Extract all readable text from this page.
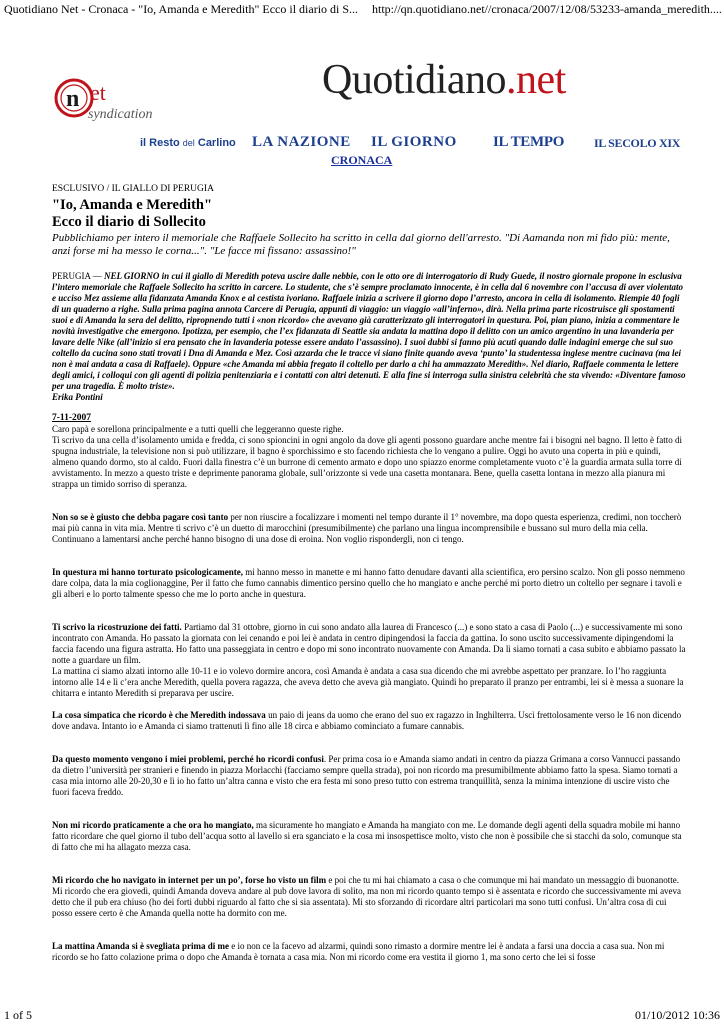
Quotidiano Net - Cronaca - "Io, Amanda e Meredith" Ecco il diario di S... http://qn.quotidiano.net//cronaca/2007/12/08/53233-amanda_meredith....
n et
syndication
Quotidiano.net
il Resto del Carlino LA NAZIONE IL GIORNO IL TEMPO IL SECOLO XIX
CRONACA
ESCLUSIVO / IL GIALLO DI PERUGIA
"Io, Amanda e Meredith"
Ecco il diario di Sollecito
Pubblichiamo per intero il memoriale che Raffaele Sollecito ha scritto in cella dal giorno dell'arresto. "Di Aamanda non mi fido più: mente, anzi forse mi ha messo le corna...". "Le facce mi fissano: assassino!"
PERUGIA — NEL GIORNO in cui il giallo di Meredith poteva uscire dalle nebbie, con le otto ore di interrogatorio di Rudy Guede, il nostro giornale propone in esclusiva l’intero memoriale che Raffaele Sollecito ha scritto in carcere. Lo studente, che s’è sempre proclamato innocente, è in cella dal 6 novembre con l’accusa di aver violentato e ucciso Mez assieme alla fidanzata Amanda Knox e al cestista ivoriano. Raffaele inizia a scrivere il giorno dopo l’arresto, ancora in cella di isolamento. Riempie 40 fogli di un quaderno a righe. Sulla prima pagina annota Carcere di Perugia, appunti di viaggio: un viaggio «all’inferno», dirà. Nella prima parte ricostruisce gli spostamenti suoi e di Amanda la sera del delitto, ripropnendo tutti i «non ricordo» che avevano già caratterizzato gli interrogatori in questura. Poi, pian piano, inizia a commentare le novità investigative che emergono. Ipotizza, per esempio, che l’ex fidanzata di Seattle sia andata la mattina dopo il delitto con un amico argentino in una lavanderia per lavare delle Nike (all’inizio si era pensato che in lavanderia potesse essere andato l’assassino). I suoi dubbi si fanno più acuti quando dalle indagini emerge che sul suo coltello da cucina sono stati trovati i Dna di Amanda e Mez. Così azzarda che le tracce vi siano finite quando aveva ‘punto’ la studentessa inglese mentre cucinava (ma lei non è mai andata a casa di Raffaele). Oppure «che Amanda mi abbia fregato il coltello per darlo a chi ha ammazzato Meredith». Nel diario, Raffaele commenta le lettere degli amici, i colloqui con gli agenti di polizia penitenziaria e i contatti con altri detenuti. E alla fine si interroga sulla sinistra celebrità che sta vivendo: «Diventare famoso per una tragedia. È molto triste».
Erika Pontini
7-11-2007
Caro papà e sorellona principalmente e a tutti quelli che leggeranno queste righe.
Ti scrivo da una cella d’isolamento umida e fredda, ci sono spioncini in ogni angolo da dove gli agenti possono guardare anche mentre fai i bisogni nel bagno. Il letto è fatto di spugna industriale, la televisione non si può utilizzare, il bagno è sporchissimo e sto facendo richiesta che lo vengano a pulire. Oggi ho avuto una coperta in più e quindi, almeno quando dormo, sto al caldo. Fuori dalla finestra c’è un burrone di cemento armato e dopo uno spiazzo enorme completamente vuoto c’è la guardia armata sulla torre di avvistamento. In mezzo a questo triste e deprimente panorama globale, sull’orizzonte si vede una casetta montanara. Bene, quella casetta lontana in mezzo alla pianura mi strappa un timido sorriso di speranza.
Non so se è giusto che debba pagare così tanto per non riuscire a focalizzare i momenti nel tempo durante il 1° novembre, ma dopo questa esperienza, credimi, non toccherò mai più canna in vita mia. Mentre ti scrivo c’è un duetto di marocchini (presumibilmente) che parlano una lingua incomprensibile e bussano sul muro della mia cella. Continuano a lamentarsi anche perché hanno bisogno di una dose di eroina. Non voglio rispondergli, non ci tengo.
In questura mi hanno torturato psicologicamente, mi hanno messo in manette e mi hanno fatto denudare davanti alla scientifica, ero persino scalzo. Non gli posso nemmeno dare colpa, data la mia coglionaggine, Per il fatto che fumo cannabis dimentico persino quello che ho mangiato e anche perché mi porto dietro un coltello per segnare i tavoli e gli alberi e lo porto talmente spesso che me lo porto anche in questura.
Ti scrivo la ricostruzione dei fatti. Partiamo dal 31 ottobre, giorno in cui sono andato alla laurea di Francesco (...) e sono stato a casa di Paolo (...) e successivamente mi sono incontrato con Amanda. Ho passato la giornata con lei cenando e poi lei è andata in centro dipingendosi la faccia da gattina. Io sono uscito successivamente dipingendomi la faccia facendo una figura astratta. Ho fatto una passeggiata in centro e dopo mi sono incontrato nuovamente con Amanda. Da lì siamo tornati a casa subito e abbiamo passato la notte a guardare un film.
La mattina ci siamo alzati intorno alle 10-11 e io volevo dormire ancora, così Amanda è andata a casa sua dicendo che mi avrebbe aspettato per pranzare. Io l’ho raggiunta intorno alle 14 e lì c’era anche Meredith, quella povera ragazza, che aveva detto che aveva già mangiato. Quindi ho preparato il pranzo per entrambi, lei si è messa a suonare la chitarra e intanto Meredith si preparava per uscire.
La cosa simpatica che ricordo è che Meredith indossava un paio di jeans da uomo che erano del suo ex ragazzo in Inghilterra. Uscì frettolosamente verso le 16 non dicendo dove andava. Intanto io e Amanda ci siamo trattenuti lì fino alle 18 circa e abbiamo cominciato a fumare cannabis.
Da questo momento vengono i miei problemi, perché ho ricordi confusi. Per prima cosa io e Amanda siamo andati in centro da piazza Grimana a corso Vannucci passando da dietro l’università per stranieri e finendo in piazza Morlacchi (facciamo sempre quella strada), poi non ricordo ma presumibilmente abbiamo fatto la spesa. Siamo tornati a casa mia intorno alle 20-20,30 e lì io ho fatto un’altra canna e visto che era festa mi sono preso tutto con estrema tranquillità, senza la minima intenzione di uscire visto che fuori faceva freddo.
Non mi ricordo praticamente a che ora ho mangiato, ma sicuramente ho mangiato e Amanda ha mangiato con me. Le domande degli agenti della squadra mobile mi hanno fatto ricordare che quel giorno il tubo dell’acqua sotto al lavello si era sganciato e la cosa mi insospettisce molto, visto che non è possibile che si stacchi da solo, comunque sta di fatto che mi ha allagato mezza casa.
Mi ricordo che ho navigato in internet per un po’, forse ho visto un film e poi che tu mi hai chiamato a casa o che comunque mi hai mandato un messaggio di buonanotte. Mi ricordo che era giovedì, quindi Amanda doveva andare al pub dove lavora di solito, ma non mi ricordo quanto tempo si è assentata e ricordo che successivamente mi aveva detto che il pub era chiuso (ho dei forti dubbi riguardo al fatto che si sia assentata). Mi sto sforzando di ricordare altri particolari ma sono tutti confusi. Un’altra cosa di cui posso essere certo è che Amanda quella notte ha dormito con me.
La mattina Amanda si è svegliata prima di me e io non ce la facevo ad alzarmi, quindi sono rimasto a dormire mentre lei è andata a farsi una doccia a casa sua. Non mi ricordo se ho fatto colazione prima o dopo che Amanda è tornata a casa mia. Non mi ricordo come era vestita il giorno 1, ma sono certo che lei si fosse
1 of 5	01/10/2012 10:36
